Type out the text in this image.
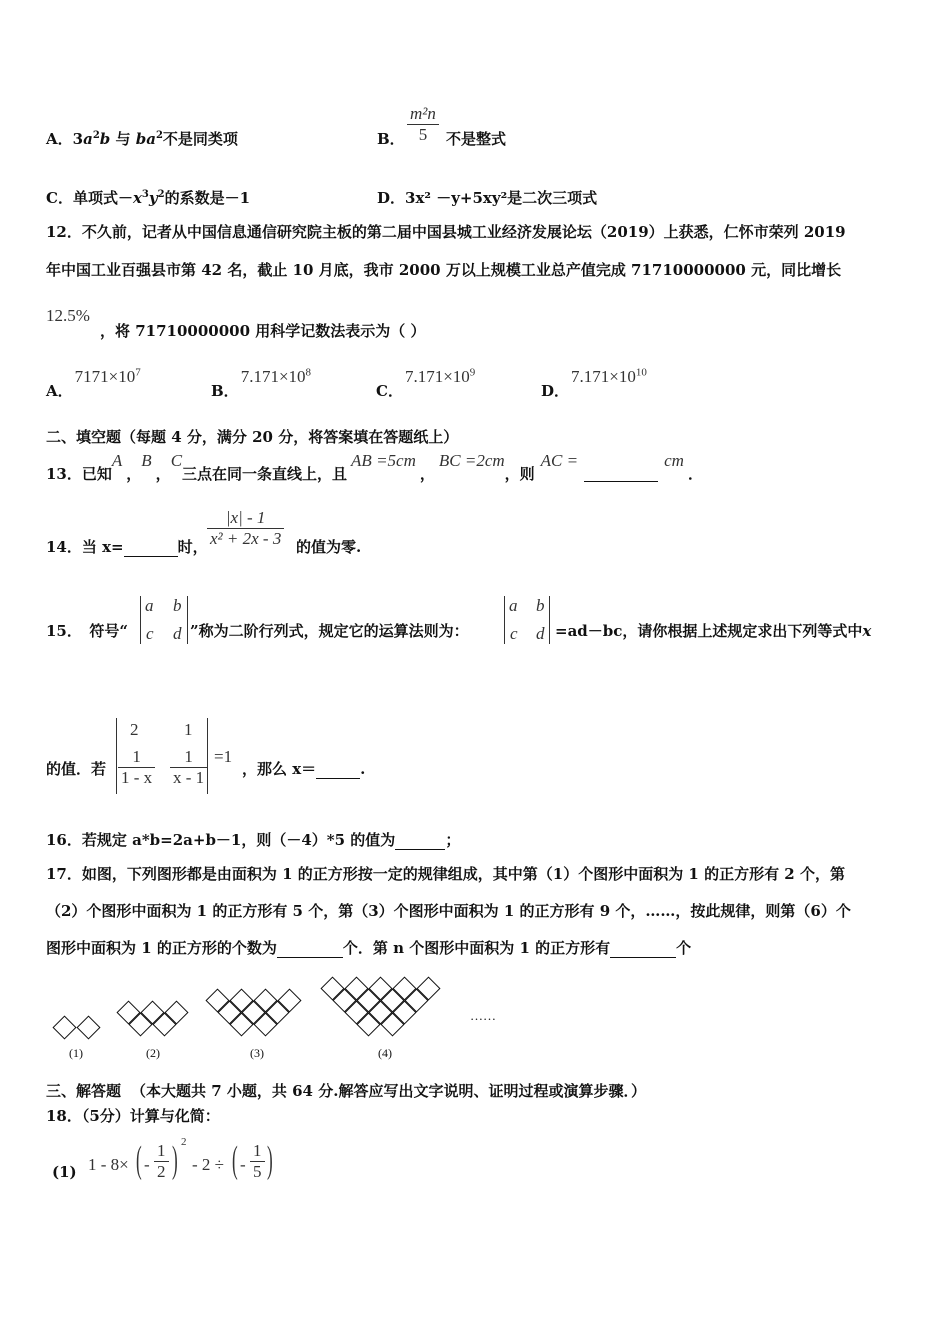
A．$3a^2b$ 与 $ba^2$不是同类项	B． $\frac{\text{m²n}}{5}$ 不是整式
C．单项式$-x^3y^2$的系数是－1	D．3x² －y+5xy²是二次三项式
12．不久前，记者从中国信息通信研究院主板的第二届中国县城工业经济发展论坛（2019）上获悉，仁怀市荣列 2019
年中国工业百强县市第 42 名，截止 10 月底，我市 2000 万以上规模工业总产值完成 71710000000 元，同比增长
12.5%
，将 71710000000 用科学记数法表示为（ ）
A．$7171\times 10^7$
B．$7.171\times 10^8$
C．$7.171\times 10^9$
D．$7.171\times 10^{10}$
二、填空题（每题 4 分，满分 20 分，将答案填在答题纸上）
13．已知A，B，C三点在同一条直线上，且AB =5cm，BC =2cm，则AC =	cm．
14．当 x=	时， $\frac{|x| - 1}{\text{x² + 2x - 3}}$ 的值为零.
15．　符号“
a b
c d ”称为二阶行列式，规定它的运算法则为：
a b
c d =ad－bc，请你根据上述规定求出下列等式中x
的值．若
2	1
$\frac{1}{1 - x} \frac{1}{x - 1} =1$
，那么 x＝	.
16．若规定 a*b=2a+b－1，则（－4）*5 的值为	；
17．如图，下列图形都是由面积为 1 的正方形按一定的规律组成，其中第（1）个图形中面积为 1 的正方形有 2 个，第
（2）个图形中面积为 1 的正方形有 5 个，第（3）个图形中面积为 1 的正方形有 9 个，……，按此规律，则第（6）个
图形中面积为 1 的正方形的个数为	个．第 n 个图形中面积为 1 的正方形有	个
(1)	(2)	(3)	(4)
……
三、解答题 （本大题共 7 小题，共 64 分.解答应写出文字说明、证明过程或演算步骤．）
18．（5分）计算与化简：
(1) 1 - 8× ( - $\frac{1}{2}$ ) 2
- 2 ÷ ( - $\frac{1}{5}$ )
